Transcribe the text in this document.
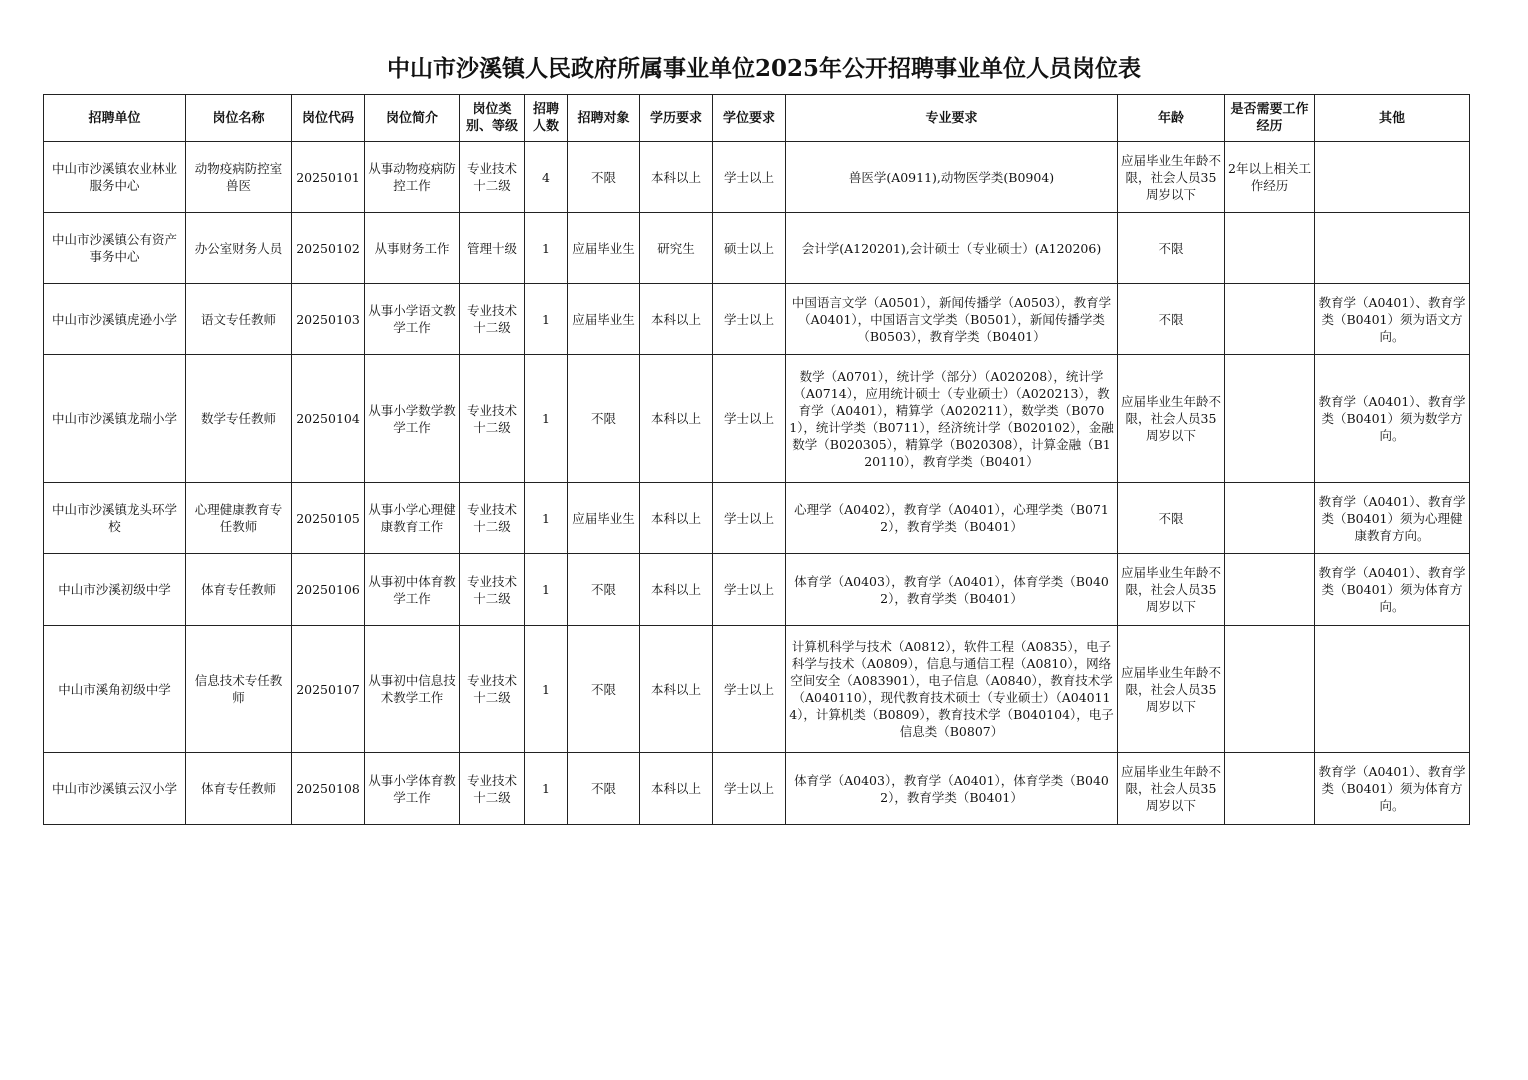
中山市沙溪镇人民政府所属事业单位2025年公开招聘事业单位人员岗位表
招聘单位	岗位名称	岗位代码	岗位简介	岗位类别、等级	招聘人数	招聘对象	学历要求	学位要求	专业要求	年龄	是否需要工作经历	其他
中山市沙溪镇农业林业服务中心	动物疫病防控室兽医	20250101	从事动物疫病防控工作	专业技术十二级	4	不限	本科以上	学士以上	兽医学(A0911),动物医学类(B0904)	应届毕业生年龄不限，社会人员35周岁以下	2年以上相关工作经历	
中山市沙溪镇公有资产事务中心	办公室财务人员	20250102	从事财务工作	管理十级	1	应届毕业生	研究生	硕士以上	会计学(A120201),会计硕士（专业硕士）(A120206)	不限		
中山市沙溪镇虎逊小学	语文专任教师	20250103	从事小学语文教学工作	专业技术十二级	1	应届毕业生	本科以上	学士以上	中国语言文学（A0501），新闻传播学（A0503），教育学（A0401），中国语言文学类（B0501），新闻传播学类（B0503），教育学类（B0401）	不限		教育学（A0401）、教育学类（B0401）须为语文方向。
中山市沙溪镇龙瑞小学	数学专任教师	20250104	从事小学数学教学工作	专业技术十二级	1	不限	本科以上	学士以上	数学（A0701），统计学（部分）（A020208），统计学（A0714），应用统计硕士（专业硕士）（A020213），教育学（A0401），精算学（A020211），数学类（B0701），统计学类（B0711），经济统计学（B020102），金融数学（B020305），精算学（B020308），计算金融（B120110），教育学类（B0401）	应届毕业生年龄不限，社会人员35周岁以下		教育学（A0401）、教育学类（B0401）须为数学方向。
中山市沙溪镇龙头环学校	心理健康教育专任教师	20250105	从事小学心理健康教育工作	专业技术十二级	1	应届毕业生	本科以上	学士以上	心理学（A0402），教育学（A0401），心理学类（B0712），教育学类（B0401）	不限		教育学（A0401）、教育学类（B0401）须为心理健康教育方向。
中山市沙溪初级中学	体育专任教师	20250106	从事初中体育教学工作	专业技术十二级	1	不限	本科以上	学士以上	体育学（A0403），教育学（A0401），体育学类（B0402），教育学类（B0401）	应届毕业生年龄不限，社会人员35周岁以下		教育学（A0401）、教育学类（B0401）须为体育方向。
中山市溪角初级中学	信息技术专任教师	20250107	从事初中信息技术教学工作	专业技术十二级	1	不限	本科以上	学士以上	计算机科学与技术（A0812），软件工程（A0835），电子科学与技术（A0809），信息与通信工程（A0810），网络空间安全（A083901），电子信息（A0840），教育技术学（A040110），现代教育技术硕士（专业硕士）（A040114），计算机类（B0809），教育技术学（B040104），电子信息类（B0807）	应届毕业生年龄不限，社会人员35周岁以下		
中山市沙溪镇云汉小学	体育专任教师	20250108	从事小学体育教学工作	专业技术十二级	1	不限	本科以上	学士以上	体育学（A0403），教育学（A0401），体育学类（B0402），教育学类（B0401）	应届毕业生年龄不限，社会人员35周岁以下		教育学（A0401）、教育学类（B0401）须为体育方向。
